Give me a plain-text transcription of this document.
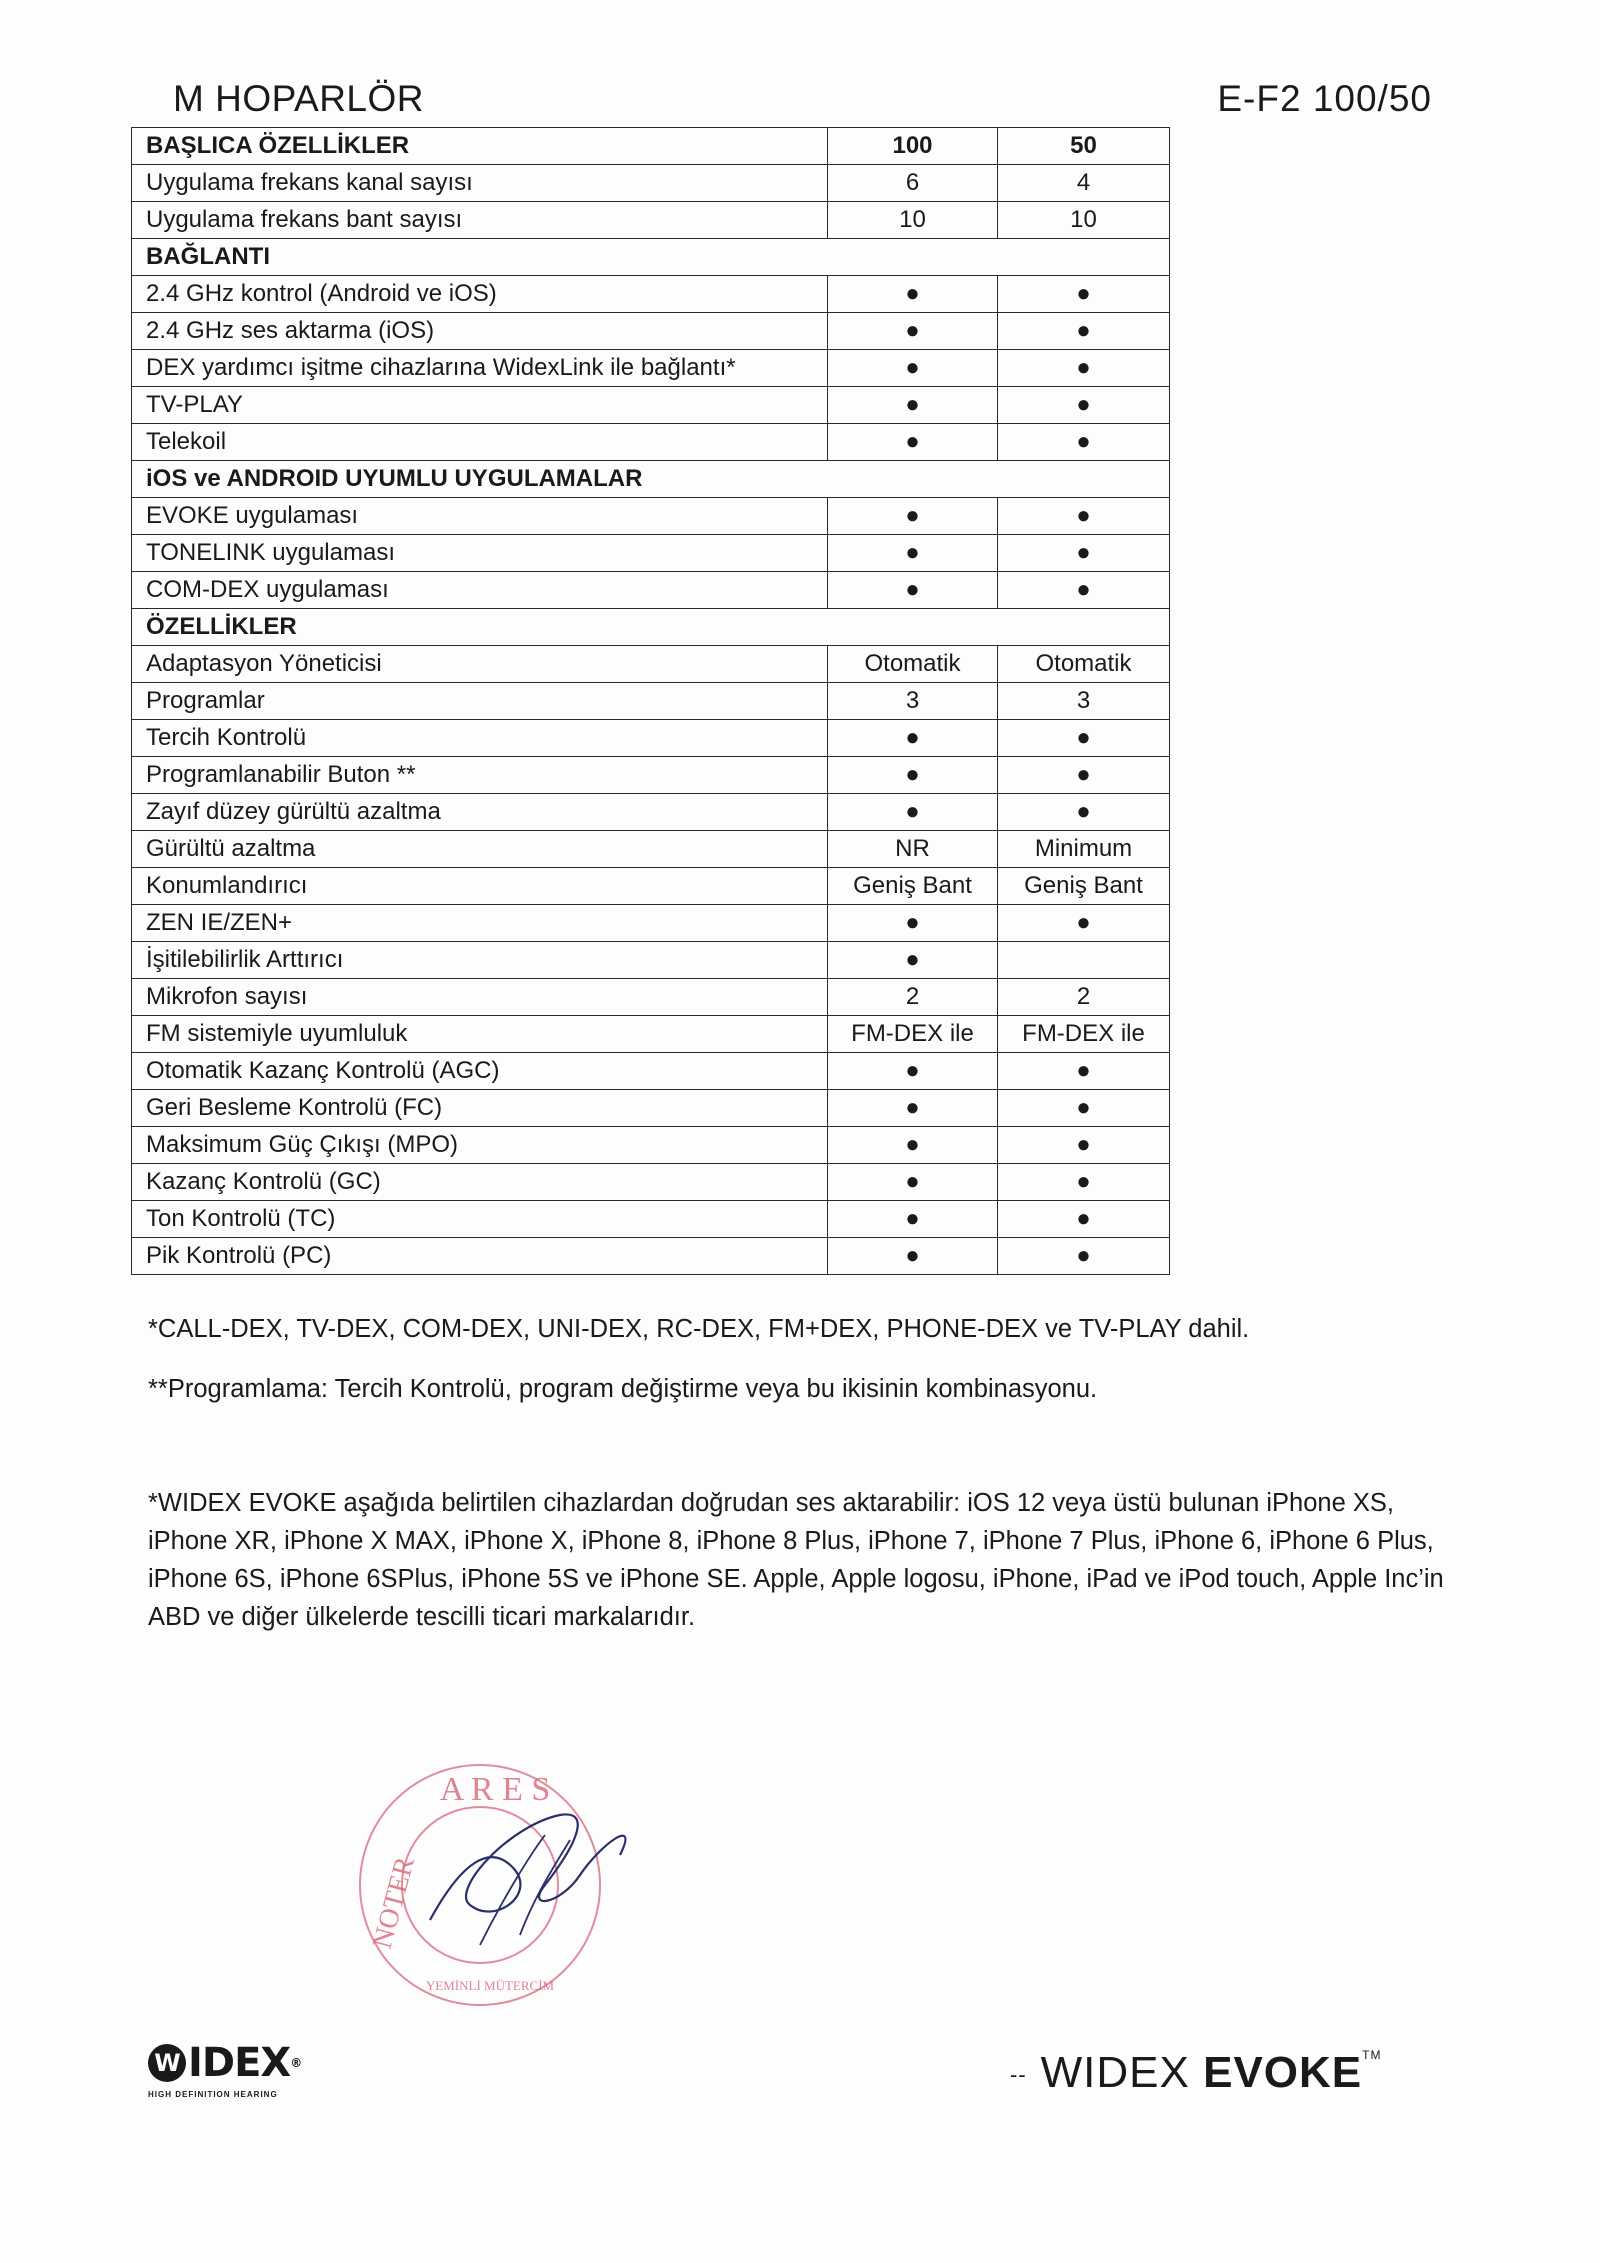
M HOPARLÖR	E-F2 100/50
BAŞLICA ÖZELLİKLER	100	50
Uygulama frekans kanal sayısı	6	4
Uygulama frekans bant sayısı	10	10
BAĞLANTI		
2.4 GHz kontrol (Android ve iOS)	●	●
2.4 GHz ses aktarma (iOS)	●	●
DEX yardımcı işitme cihazlarına WidexLink ile bağlantı*	●	●
TV-PLAY	●	●
Telekoil	●	●
iOS ve ANDROID UYUMLU UYGULAMALAR		
EVOKE uygulaması	●	●
TONELINK uygulaması	●	●
COM-DEX uygulaması	●	●
ÖZELLİKLER		
Adaptasyon Yöneticisi	Otomatik	Otomatik
Programlar	3	3
Tercih Kontrolü	●	●
Programlanabilir Buton **	●	●
Zayıf düzey gürültü azaltma	●	●
Gürültü azaltma	NR	Minimum
Konumlandırıcı	Geniş Bant	Geniş Bant
ZEN IE/ZEN+	●	●
İşitilebilirlik Arttırıcı	●	
Mikrofon sayısı	2	2
FM sistemiyle uyumluluk	FM-DEX ile	FM-DEX ile
Otomatik Kazanç Kontrolü (AGC)	●	●
Geri Besleme Kontrolü (FC)	●	●
Maksimum Güç Çıkışı (MPO)	●	●
Kazanç Kontrolü (GC)	●	●
Ton Kontrolü (TC)	●	●
Pik Kontrolü (PC)	●	●
*CALL-DEX, TV-DEX, COM-DEX, UNI-DEX, RC-DEX, FM+DEX, PHONE-DEX ve TV-PLAY dahil.
**Programlama: Tercih Kontrolü, program değiştirme veya bu ikisinin kombinasyonu.
*WIDEX EVOKE aşağıda belirtilen cihazlardan doğrudan ses aktarabilir: iOS 12 veya üstü bulunan iPhone XS, iPhone XR, iPhone X MAX, iPhone X, iPhone 8, iPhone 8 Plus, iPhone 7, iPhone 7 Plus, iPhone 6, iPhone 6 Plus, iPhone 6S, iPhone 6SPlus, iPhone 5S ve iPhone SE. Apple, Apple logosu, iPhone, iPad ve iPod touch, Apple Inc’in ABD ve diğer ülkelerde tescilli ticari markalarıdır.
A R E S
NOTER
YEMİNLİ MÜTERCİM
W IDEX ®
HIGH DEFINITION HEARING
-- WIDEX EVOKE™
